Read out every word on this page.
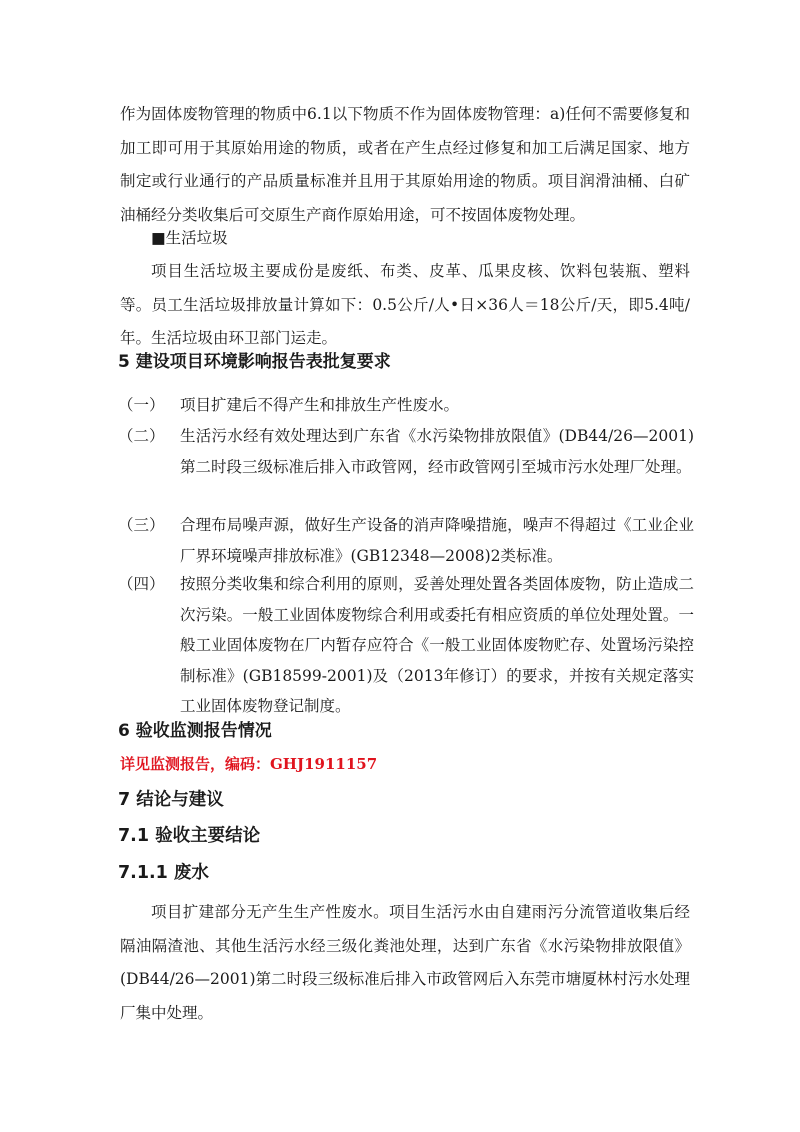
作为固体废物管理的物质中6.1以下物质不作为固体废物管理：a)任何不需要修复和加工即可用于其原始用途的物质，或者在产生点经过修复和加工后满足国家、地方制定或行业通行的产品质量标准并且用于其原始用途的物质。项目润滑油桶、白矿油桶经分类收集后可交原生产商作原始用途，可不按固体废物处理。
■生活垃圾
项目生活垃圾主要成份是废纸、布类、皮革、瓜果皮核、饮料包装瓶、塑料等。员工生活垃圾排放量计算如下：0.5公斤/人•日×36人＝18公斤/天，即5.4吨/年。生活垃圾由环卫部门运走。
5 建设项目环境影响报告表批复要求
（一） 项目扩建后不得产生和排放生产性废水。
（二） 生活污水经有效处理达到广东省《水污染物排放限值》(DB44/26—2001)第二时段三级标准后排入市政管网，经市政管网引至城市污水处理厂处理。
（三） 合理布局噪声源，做好生产设备的消声降噪措施，噪声不得超过《工业企业厂界环境噪声排放标准》(GB12348—2008)2类标准。
（四） 按照分类收集和综合利用的原则，妥善处理处置各类固体废物，防止造成二次污染。一般工业固体废物综合利用或委托有相应资质的单位处理处置。一般工业固体废物在厂内暂存应符合《一般工业固体废物贮存、处置场污染控制标准》(GB18599-2001)及（2013年修订）的要求，并按有关规定落实工业固体废物登记制度。
6 验收监测报告情况
详见监测报告，编码：GHJ1911157
7 结论与建议
7.1 验收主要结论
7.1.1 废水
项目扩建部分无产生生产性废水。项目生活污水由自建雨污分流管道收集后经隔油隔渣池、其他生活污水经三级化粪池处理，达到广东省《水污染物排放限值》(DB44/26—2001)第二时段三级标准后排入市政管网后入东莞市塘厦林村污水处理厂集中处理。
